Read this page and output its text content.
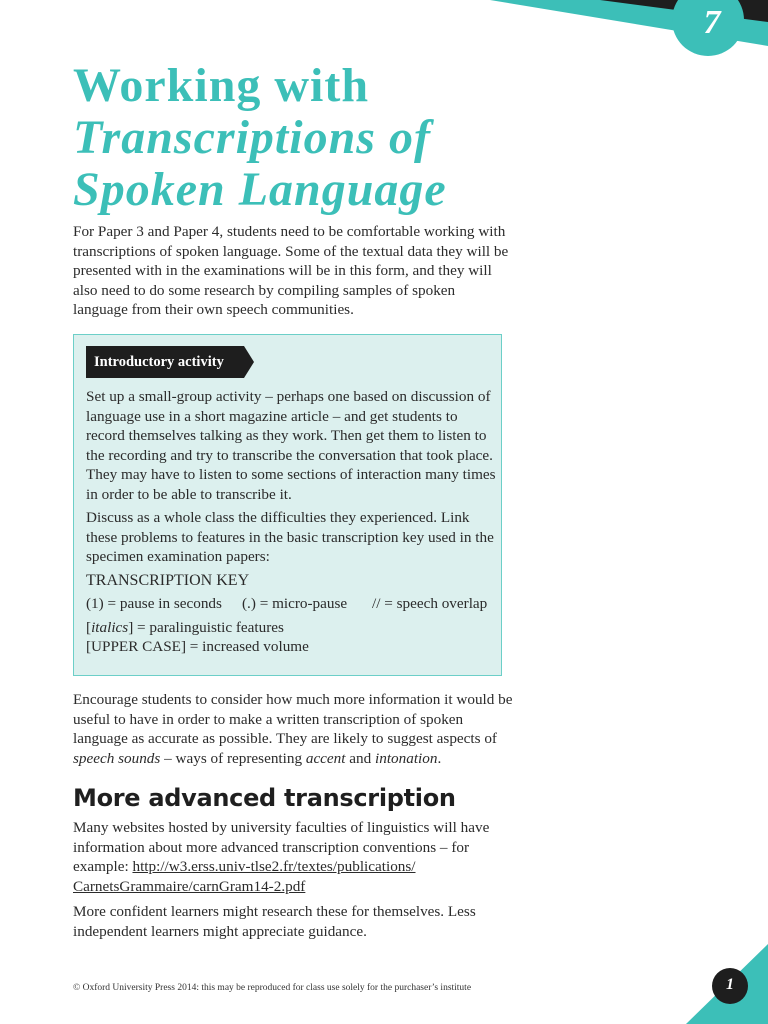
7
Working with
Transcriptions of
Spoken Language

For Paper 3 and Paper 4, students need to be comfortable working with transcriptions of spoken language. Some of the textual data they will be presented with in the examinations will be in this form, and they will also need to do some research by compiling samples of spoken language from their own speech communities.

Introductory activity

Set up a small-group activity – perhaps one based on discussion of language use in a short magazine article – and get students to record themselves talking as they work. Then get them to listen to the recording and try to transcribe the conversation that took place. They may have to listen to some sections of interaction many times in order to be able to transcribe it.

Discuss as a whole class the difficulties they experienced. Link these problems to features in the basic transcription key used in the specimen examination papers:

TRANSCRIPTION KEY
(1) = pause in seconds	(.) = micro-pause	// = speech overlap
[italics] = paralinguistic features
[UPPER CASE] = increased volume

Encourage students to consider how much more information it would be useful to have in order to make a written transcription of spoken language as accurate as possible. They are likely to suggest aspects of speech sounds – ways of representing accent and intonation.

More advanced transcription

Many websites hosted by university faculties of linguistics will have information about more advanced transcription conventions – for example: http://w3.erss.univ-tlse2.fr/textes/publications/
CarnetsGrammaire/carnGram14-2.pdf

More confident learners might research these for themselves. Less independent learners might appreciate guidance.

© Oxford University Press 2014: this may be reproduced for class use solely for the purchaser’s institute	1
